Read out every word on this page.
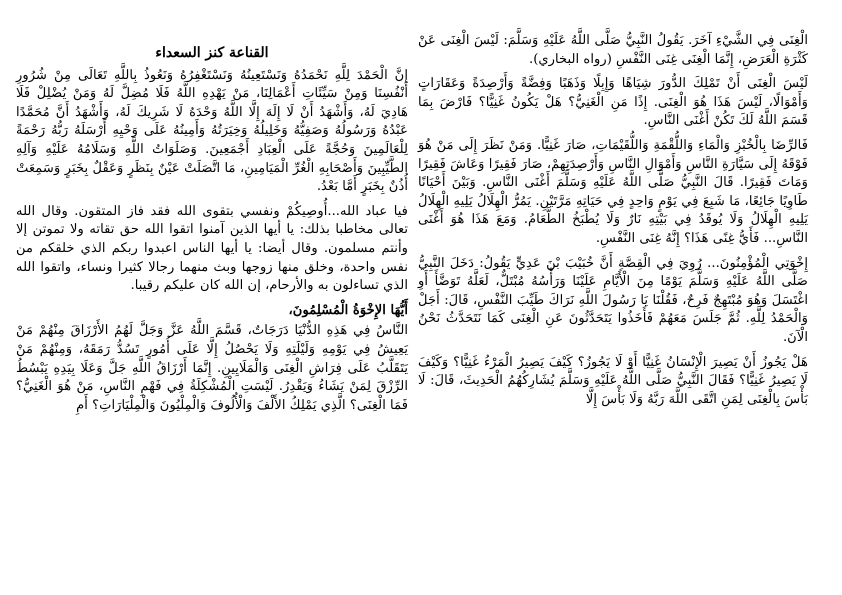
الْغِنَى فِي الشَّيْءِ آخَرَ. يَقُولُ النَّبِيُّ صَلَّى اللَّهُ عَلَيْهِ وَسَلَّمَ: لَيْسَ الْغِنَى عَنْ كَثْرَةِ الْعَرَضِ، إِنَّمَا الْغِنَى غِنَى النَّفْسِ (رواه البخاري).

لَيْسَ الْغِنَى أَنْ تَمْلِكَ الدُّورَ شِيَاهًا وَإِبِلًا وَذَهَبًا وَفِضَّةً وَأَرْصِدَةً وَعَقَارَاتٍ وَأَمْوَالًا، لَيْسَ هَذَا هُوَ الْغِنَى. إِذًا مَنِ الْغَنِيُّ؟ هَلْ يَكُونُ غَنِيًّا؟ فَارْضَ بِمَا قَسَمَ اللَّهُ لَكَ تَكُنْ أَغْنَى النَّاسِ.

فَالرِّضَا بِالْخُبْزِ وَالْمَاءِ وَاللُّقْمَةِ وَاللُّقَيْمَاتِ، صَارَ غَنِيًّا. وَمَنْ نَظَرَ إِلَى مَنْ هُوَ فَوْقَهُ إِلَى سَيَّارَةِ النَّاسِ وَأَمْوَالِ النَّاسِ وَأَرْصِدَتِهِمْ، صَارَ فَقِيرًا وَعَاشَ فَقِيرًا وَمَاتَ فَقِيرًا. قَالَ النَّبِيُّ صَلَّى اللَّهُ عَلَيْهِ وَسَلَّمَ أَغْنَى النَّاسِ. وَبَيْنَ أَحْيَانًا طَاوِيًا جَائِعًا، مَا شَبِعَ فِي يَوْمٍ وَاحِدٍ فِي حَيَاتِهِ مَرَّتَيْنِ. يَمُرُّ الْهِلَالُ يَلِيهِ الْهِلَالُ يَلِيهِ الْهِلَالُ وَلَا يُوقَدُ فِي بَيْتِهِ نَارٌ وَلَا يُطْبَخُ الطَّعَامُ. وَمَعَ هَذَا هُوَ أَغْنَى النَّاسِ... فَأَيُّ غِنًى هَذَا؟ إِنَّهُ غِنَى النَّفْسِ.

إِخْوَتِي الْمُؤْمِنُونَ... رُوِيَ فِي الْقِصَّةِ أَنَّ خُبَيْبَ بْنَ عَدِيٍّ يَقُولُ: دَخَلَ النَّبِيُّ صَلَّى اللَّهُ عَلَيْهِ وَسَلَّمَ يَوْمًا مِنَ الْأَيَّامِ عَلَيْنَا وَرَأْسُهُ مُبْتَلٌّ، لَعَلَّهُ تَوَضَّأَ أَوِ اغْتَسَلَ وَهُوَ مُبْتَهِجٌ فَرِحٌ، فَقُلْنَا يَا رَسُولَ اللَّهِ نَرَاكَ طَيِّبَ النَّفْسِ، قَالَ: أَجَلْ وَالْحَمْدُ لِلَّهِ. ثُمَّ جَلَسَ مَعَهُمْ فَأَخَذُوا يَتَحَدَّثُونَ عَنِ الْغِنَى كَمَا نَتَحَدَّثُ نَحْنُ الْآنَ.

هَلْ يَجُوزُ أَنْ يَصِيرَ الْإِنْسَانُ غَنِيًّا أَوْ لَا يَجُوزُ؟ كَيْفَ يَصِيرُ الْمَرْءُ غَنِيًّا؟ وَكَيْفَ لَا يَصِيرُ غَنِيًّا؟ فَقَالَ النَّبِيُّ صَلَّى اللَّهُ عَلَيْهِ وَسَلَّمَ يُشَارِكُهُمُ الْحَدِيثَ، قَالَ: لَا بَأْسَ بِالْغِنَى لِمَنِ اتَّقَى اللَّهَ رَبَّهُ وَلَا بَأْسَ إِلَّا

القناعة كنز السعداء

إنَّ الْحَمْدَ لِلَّهِ نَحْمَدُهُ وَنَسْتَعِينُهُ وَنَسْتَغْفِرُهُ وَنَعُوذُ بِاللَّهِ تَعَالَى مِنْ شُرُورِ أَنْفُسِنَا وَمِنْ سَيِّئَاتِ أَعْمَالِنَا، مَنْ يَهْدِهِ اللَّهُ فَلَا مُضِلَّ لَهُ وَمَنْ يُضْلِلْ فَلَا هَادِيَ لَهُ، وَأَشْهَدُ أَنْ لَا إِلَهَ إِلَّا اللَّهُ وَحْدَهُ لَا شَرِيكَ لَهُ، وَأَشْهَدُ أَنَّ مُحَمَّدًا عَبْدُهُ وَرَسُولُهُ وَصَفِيُّهُ وَخَلِيلُهُ وَخِيَرَتُهُ وَأَمِينُهُ عَلَى وَحْيِهِ أَرْسَلَهُ رَبُّهُ رَحْمَةً لِلْعَالَمِينَ وَحُجَّةً عَلَى الْعِبَادِ أَجْمَعِينَ. وَصَلَوَاتُ اللَّهِ وَسَلَامُهُ عَلَيْهِ وَآلِهِ الطَّيِّبِينَ وَأَصْحَابِهِ الْغُرِّ الْمَيَامِينِ، مَا اتَّصَلَتْ عَيْنٌ بِنَظَرٍ وَعَقْلٌ بِخَبَرٍ وَسَمِعَتْ أُذُنٌ بِخَبَرٍ أَمَّا بَعْدُ.

فيا عباد الله...أُوصِيكُمْ ونفسي بتقوى الله فقد فاز المتقون. وقال الله تعالى مخاطبا بذلك: يا أيها الذين آمنوا اتقوا الله حق تقاته ولا تموتن إلا وأنتم مسلمون. وقال أيضا: يا أيها الناس اعبدوا ربكم الذي خلقكم من نفس واحدة، وخلق منها زوجها وبث منهما رجالا كثيرا ونساء، واتقوا الله الذي تساءلون به والأرحام، إن الله كان عليكم رقيبا.

أَيُّهَا الإِخْوَةُ الْمُسْلِمُونَ،

النَّاسُ فِي هَذِهِ الدُّنْيَا دَرَجَاتٌ، قَسَّمَ اللَّهُ عَزَّ وَجَلَّ لَهُمُ الأَرْزَاقَ مِنْهُمْ مَنْ يَعِيشُ فِي يَوْمِهِ وَلَيْلَتِهِ وَلَا يَحْصُلُ إِلَّا عَلَى أُمُورٍ تَسُدُّ رَمَقَهُ، وَمِنْهُمْ مَنْ يَتَقَلَّبُ عَلَى فِرَاشِ الْغِنَى وَالْمَلَايِينِ. إِنَّمَا أَرْزَاقُ اللَّهِ جَلَّ وَعَلَا بِيَدِهِ يَبْسُطُ الرِّزْقَ لِمَنْ يَشَاءُ وَيَقْدِرُ. لَيْسَتِ الْمُشْكِلَةُ فِي فَهْمِ النَّاسِ، مَنْ هُوَ الْغَنِيُّ؟ فَمَا الْغِنَى؟ الَّذِي يَمْلِكُ الأَلْفَ وَالْأُلُوفَ وَالْمِلْيُونَ وَالْمِلْيَارَاتِ؟ أَمِ
